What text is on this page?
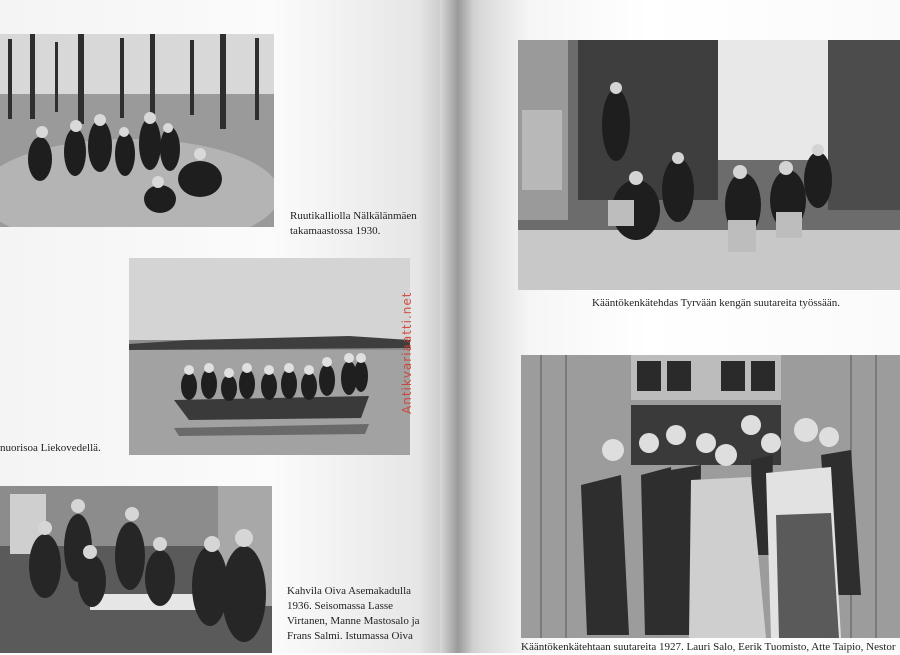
Ruutikalliolla Nälkälänmäen takamaastossa 1930.
nuorisoa Liekovedellä.
Kahvila Oiva Asemakadulla 1936. Seisomassa Lasse Virtanen, Manne Mastosalo ja Frans Salmi. Istumassa Oiva
Antikvariaatti.net	Kääntökenkätehdas Tyrvään kengän suutareita työssään.
Kääntökenkätehtaan suutareita 1927. Lauri Salo, Eerik Tuomisto, Atte Taipio, Nestor
